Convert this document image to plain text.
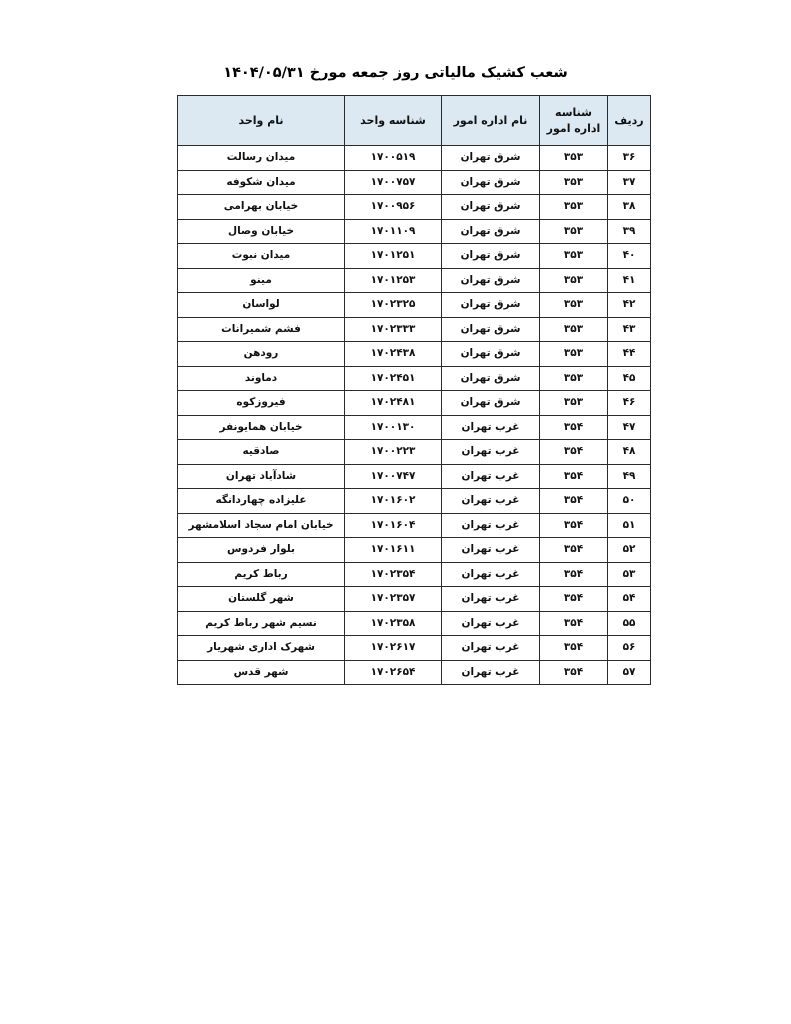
شعب کشیک مالیاتی روز جمعه مورخ ۱۴۰۴/۰۵/۳۱
ردیف	شناسه اداره امور	نام اداره امور	شناسه واحد	نام واحد
۳۶	۳۵۳	شرق تهران	۱۷۰۰۵۱۹	میدان رسالت
۳۷	۳۵۳	شرق تهران	۱۷۰۰۷۵۷	میدان شکوفه
۳۸	۳۵۳	شرق تهران	۱۷۰۰۹۵۶	خیابان بهرامی
۳۹	۳۵۳	شرق تهران	۱۷۰۱۱۰۹	خیابان وصال
۴۰	۳۵۳	شرق تهران	۱۷۰۱۲۵۱	میدان نبوت
۴۱	۳۵۳	شرق تهران	۱۷۰۱۲۵۳	مینو
۴۲	۳۵۳	شرق تهران	۱۷۰۲۳۲۵	لواسان
۴۳	۳۵۳	شرق تهران	۱۷۰۲۳۳۳	فشم شمیرانات
۴۴	۳۵۳	شرق تهران	۱۷۰۲۴۳۸	رودهن
۴۵	۳۵۳	شرق تهران	۱۷۰۲۴۵۱	دماوند
۴۶	۳۵۳	شرق تهران	۱۷۰۲۴۸۱	فیروزکوه
۴۷	۳۵۴	غرب تهران	۱۷۰۰۱۳۰	خیابان همایونفر
۴۸	۳۵۴	غرب تهران	۱۷۰۰۲۲۳	صادقیه
۴۹	۳۵۴	غرب تهران	۱۷۰۰۷۴۷	شادآباد تهران
۵۰	۳۵۴	غرب تهران	۱۷۰۱۶۰۲	علیزاده چهاردانگه
۵۱	۳۵۴	غرب تهران	۱۷۰۱۶۰۴	خیابان امام سجاد اسلامشهر
۵۲	۳۵۴	غرب تهران	۱۷۰۱۶۱۱	بلوار فردوس
۵۳	۳۵۴	غرب تهران	۱۷۰۲۳۵۴	رباط کریم
۵۴	۳۵۴	غرب تهران	۱۷۰۲۳۵۷	شهر گلستان
۵۵	۳۵۴	غرب تهران	۱۷۰۲۳۵۸	نسیم شهر رباط کریم
۵۶	۳۵۴	غرب تهران	۱۷۰۲۶۱۷	شهرک اداری شهریار
۵۷	۳۵۴	غرب تهران	۱۷۰۲۶۵۴	شهر قدس
